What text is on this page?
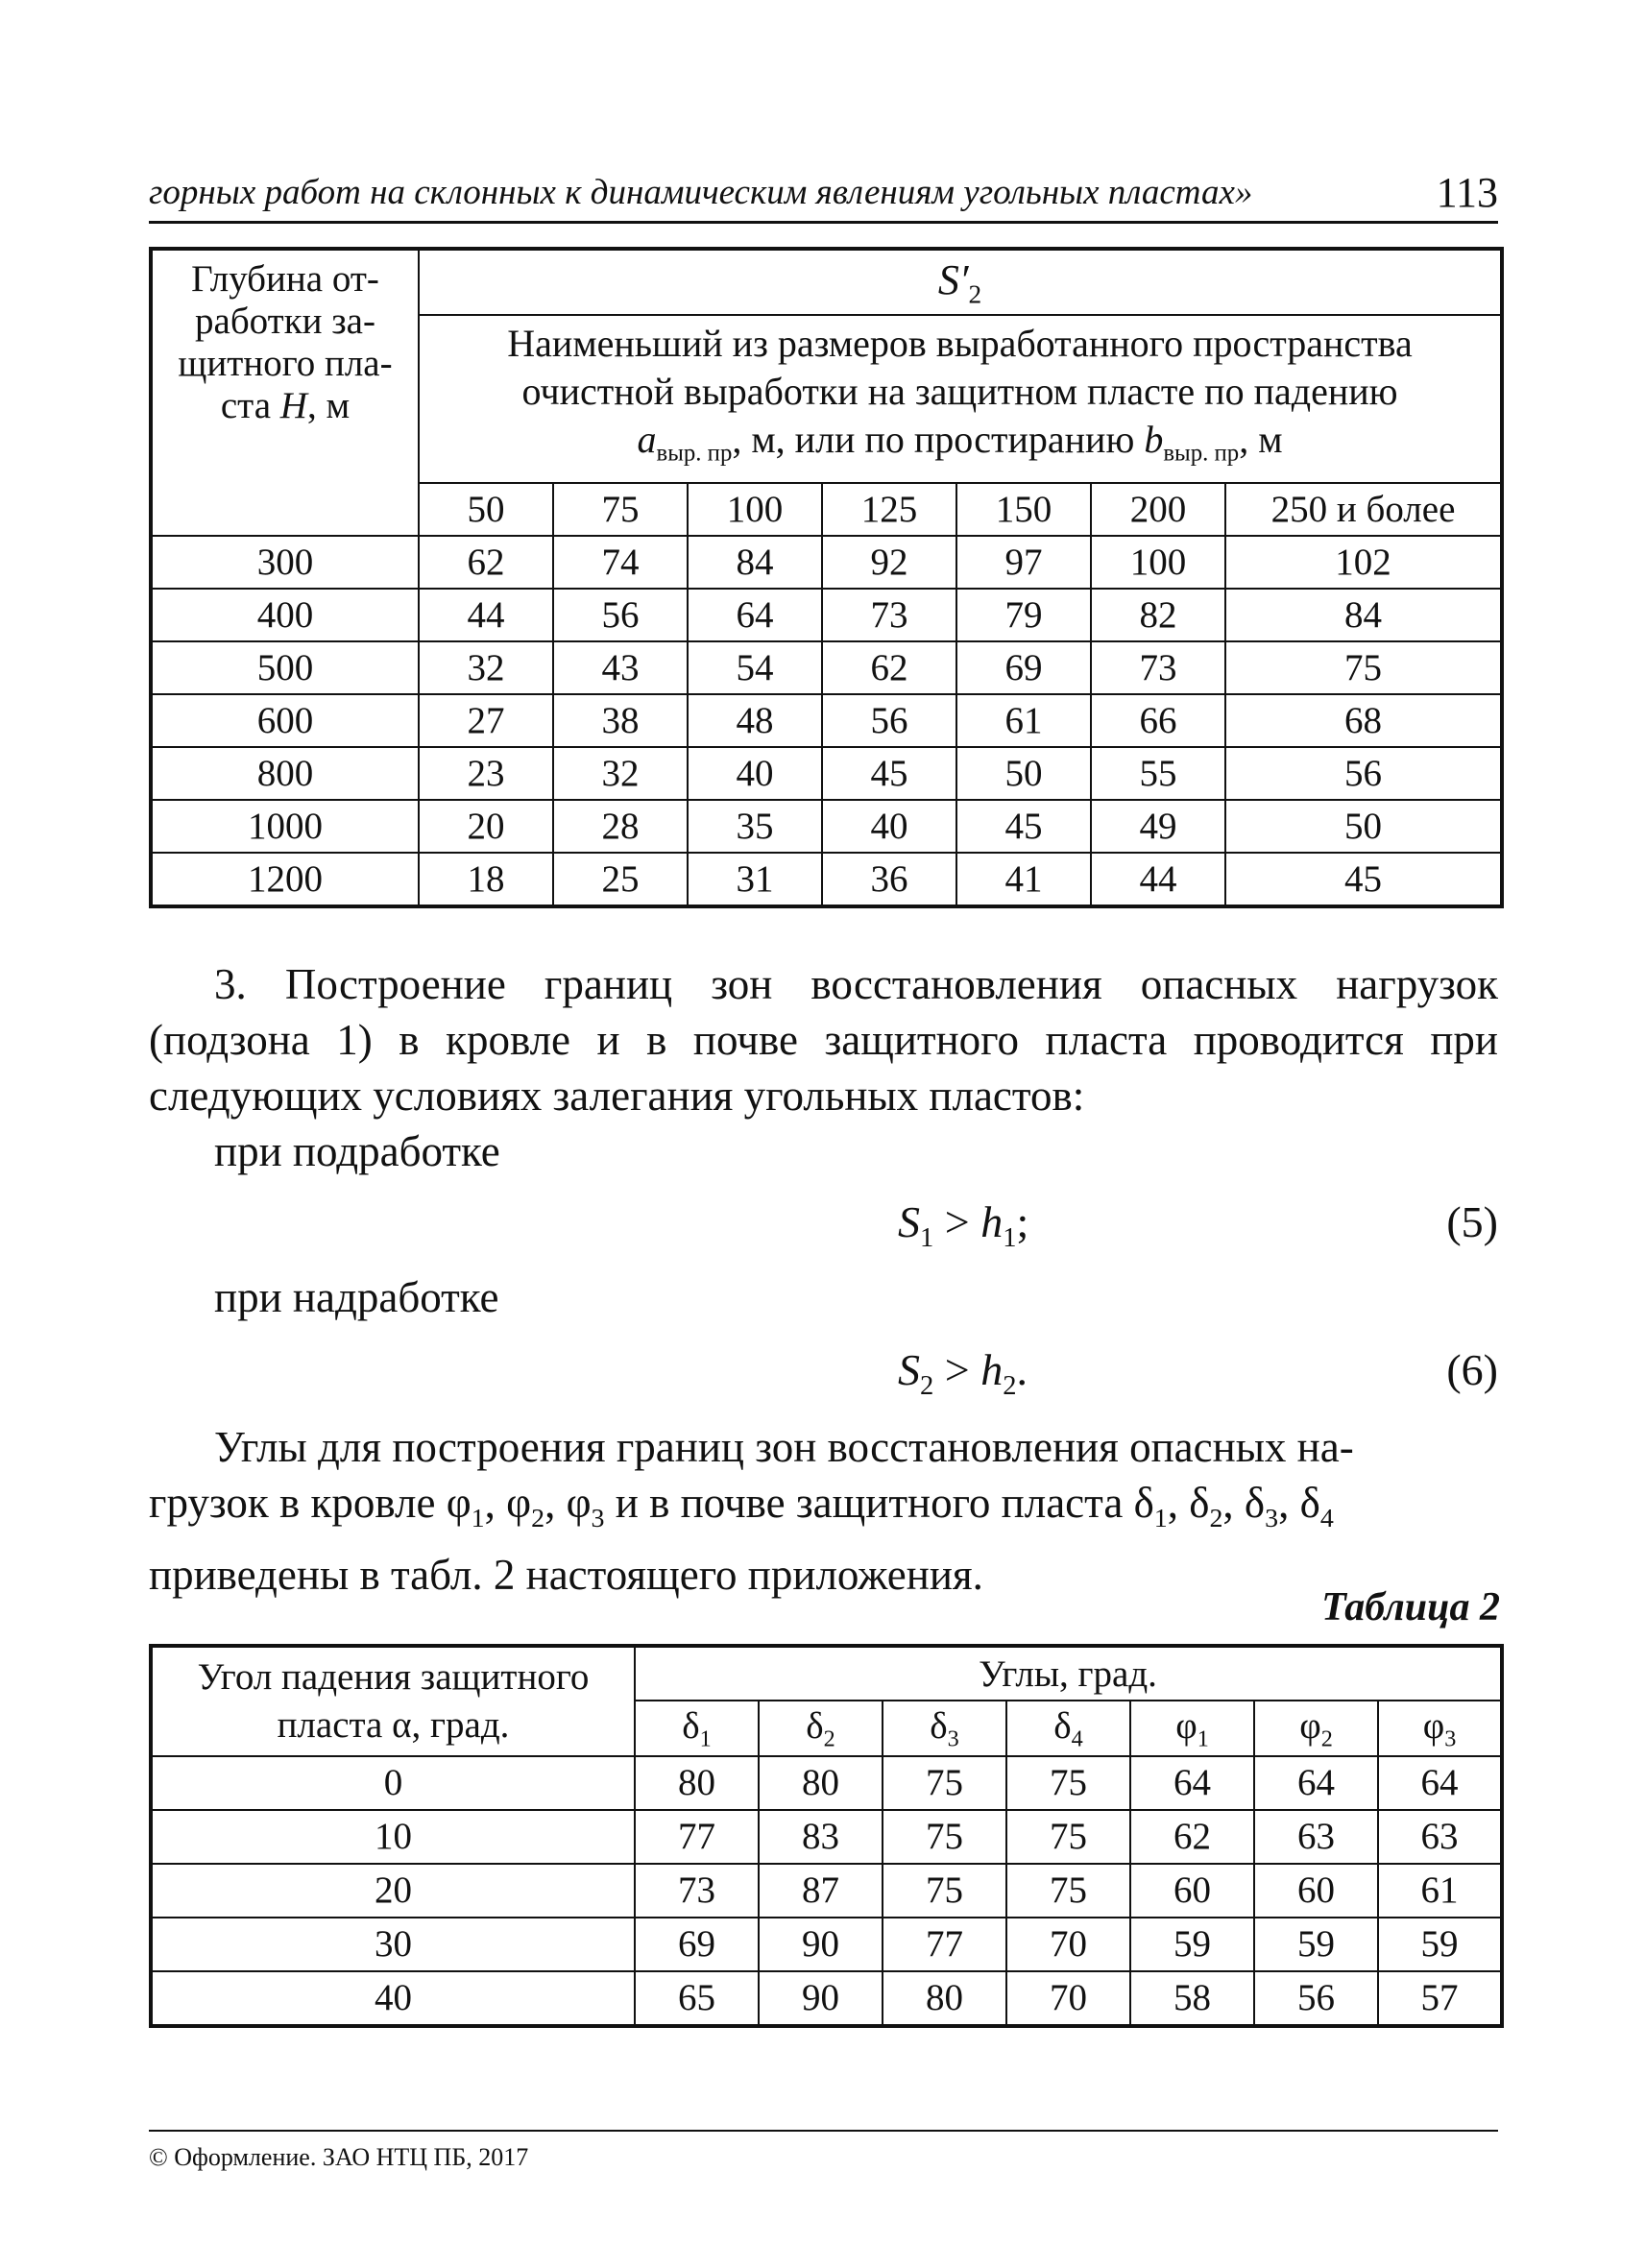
горных работ на склонных к динамическим явлениям угольных пластах»	113
Глубина от-
работки за-
щитного пла-
ста H, м	$S'_2$
	Наименьший из размеров выработанного пространства
очистной выработки на защитном пласте по падению
$a_{выр. пр}$, м, или по простиранию $b_{выр. пр}$, м						
	50	75	100	125	150	200	250 и более
300	62	74	84	92	97	100	102
400	44	56	64	73	79	82	84
500	32	43	54	62	69	73	75
600	27	38	48	56	61	66	68
800	23	32	40	45	50	55	56
1000	20	28	35	40	45	49	50
1200	18	25	31	36	41	44	45
3. Построение границ зон восстановления опасных нагрузок (подзона 1) в кровле и в почве защитного пласта проводится при следующих условиях залегания угольных пластов:
при подработке
$S_1 > h_1$;	(5)
при надработке
$S_2 > h_2$.	(6)
Углы для построения границ зон восстановления опасных на-
грузок в кровле $\varphi_1$, $\varphi_2$, $\varphi_3$ и в почве защитного пласта $\delta_1$, $\delta_2$, $\delta_3$, $\delta_4$
приведены в табл. 2 настоящего приложения.
Таблица 2
Угол падения защитного
пласта α, град.	Углы, град.						
	$\delta_1$	$\delta_2$	$\delta_3$	$\delta_4$	$\varphi_1$	$\varphi_2$	$\varphi_3$
0	80	80	75	75	64	64	64
10	77	83	75	75	62	63	63
20	73	87	75	75	60	60	61
30	69	90	77	70	59	59	59
40	65	90	80	70	58	56	57
© Оформление. ЗАО НТЦ ПБ, 2017
